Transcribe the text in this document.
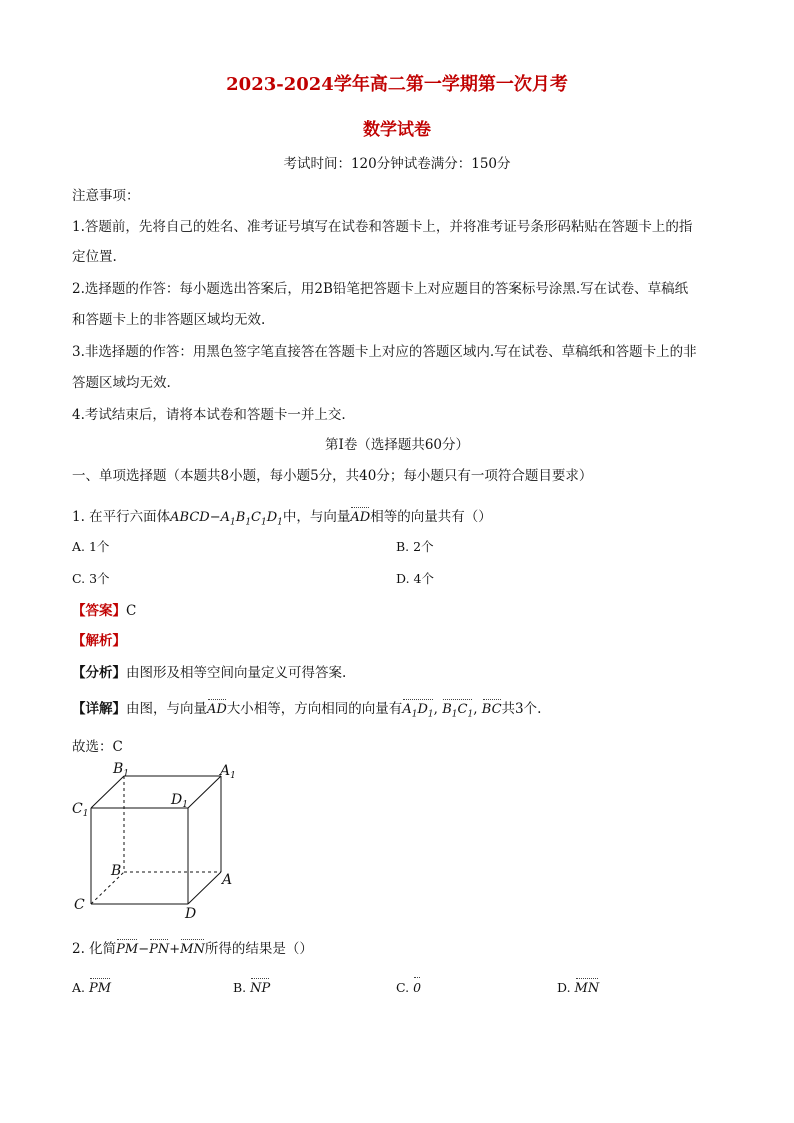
2023-2024学年高二第一学期第一次月考
数学试卷
考试时间：120分钟试卷满分：150分
注意事项：
1.答题前，先将自己的姓名、准考证号填写在试卷和答题卡上，并将准考证号条形码粘贴在答题卡上的指
定位置.
2.选择题的作答：每小题选出答案后，用2B铅笔把答题卡上对应题目的答案标号涂黑.写在试卷、草稿纸
和答题卡上的非答题区域均无效.
3.非选择题的作答：用黑色签字笔直接答在答题卡上对应的答题区域内.写在试卷、草稿纸和答题卡上的非
答题区域均无效.
4.考试结束后，请将本试卷和答题卡一并上交.
第Ⅰ卷（选择题共60分）
一、单项选择题（本题共8小题，每小题5分，共40分；每小题只有一项符合题目要求）
1. 在平行六面体$ABCD-A_1B_1C_1D_1$中，与向量AD相等的向量共有（）
A. 1个	B. 2个
C. 3个	D. 4个
【答案】C
【解析】
【分析】由图形及相等空间向量定义可得答案.
【详解】由图，与向量AD大小相等，方向相同的向量有$A_1D_1$, $B_1C_1$, BC共3个.
故选：C
$B_1$	$A_1$
$C_1$
$D_1$
B
A
C
D
2. 化简PM−PN+MN所得的结果是（）
A. PM	B. NP	C. 0	D. MN
